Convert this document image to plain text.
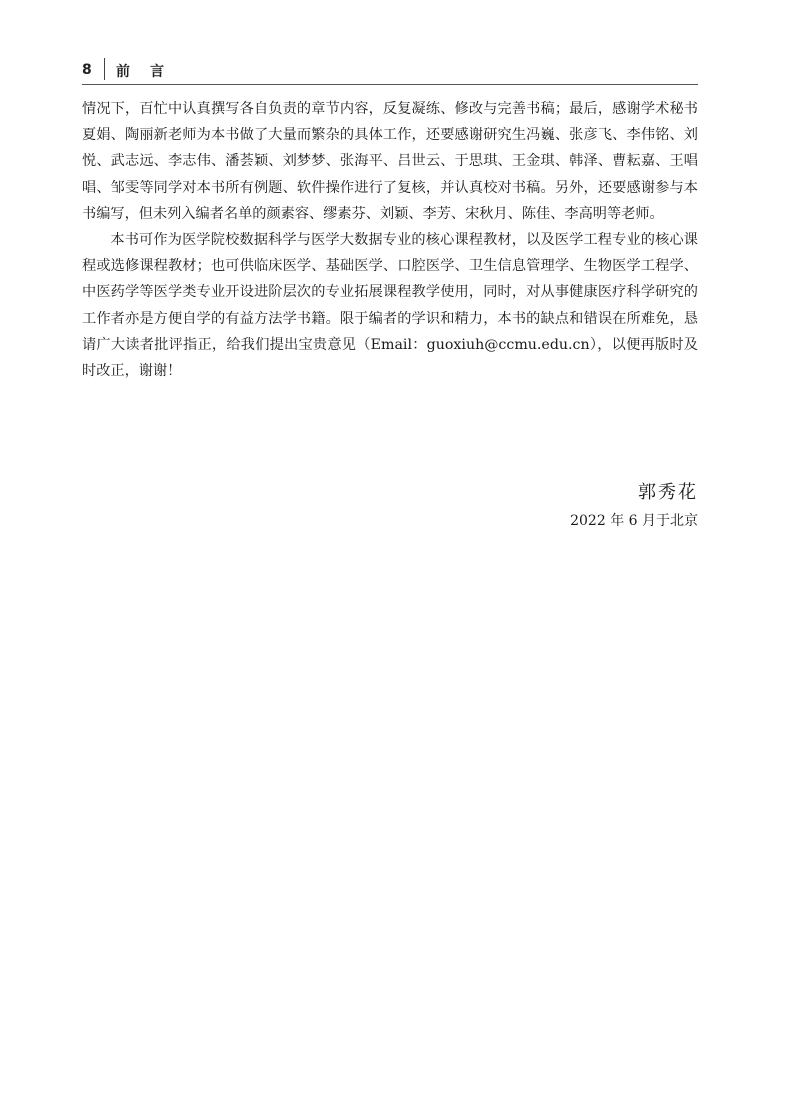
8 前言

情况下，百忙中认真撰写各自负责的章节内容，反复凝练、修改与完善书稿；最后，感谢学术秘书夏娟、陶丽新老师为本书做了大量而繁杂的具体工作，还要感谢研究生冯巍、张彦飞、李伟铭、刘悦、武志远、李志伟、潘荟颖、刘梦梦、张海平、吕世云、于思琪、王金琪、韩泽、曹耘嘉、王唱唱、邹雯等同学对本书所有例题、软件操作进行了复核，并认真校对书稿。另外，还要感谢参与本书编写，但未列入编者名单的颜素容、缪素芬、刘颖、李芳、宋秋月、陈佳、李高明等老师。

本书可作为医学院校数据科学与医学大数据专业的核心课程教材，以及医学工程专业的核心课程或选修课程教材；也可供临床医学、基础医学、口腔医学、卫生信息管理学、生物医学工程学、中医药学等医学类专业开设进阶层次的专业拓展课程教学使用，同时，对从事健康医疗科学研究的工作者亦是方便自学的有益方法学书籍。限于编者的学识和精力，本书的缺点和错误在所难免，恳请广大读者批评指正，给我们提出宝贵意见（Email：guoxiuh@ccmu.edu.cn），以便再版时及时改正，谢谢！

郭秀花
2022 年 6 月于北京
